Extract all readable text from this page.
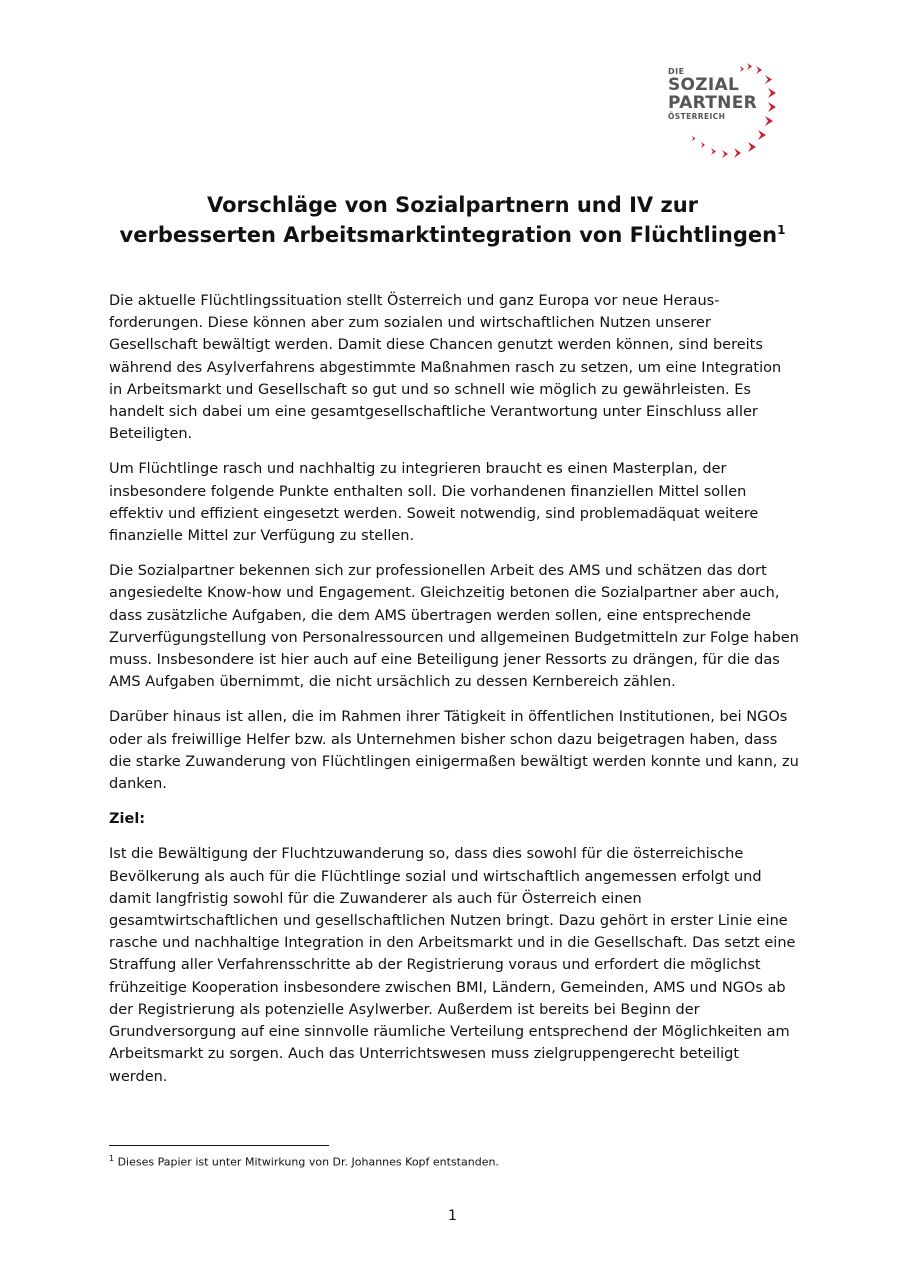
DIE
SOZIAL
PARTNER
ÖSTERREICH
Vorschläge von Sozialpartnern und IV zur
verbesserten Arbeitsmarktintegration von Flüchtlingen$^1$

Die aktuelle Flüchtlingssituation stellt Österreich und ganz Europa vor neue Heraus-forderungen. Diese können aber zum sozialen und wirtschaftlichen Nutzen unserer Gesellschaft bewältigt werden. Damit diese Chancen genutzt werden können, sind bereits während des Asylverfahrens abgestimmte Maßnahmen rasch zu setzen, um eine Integration in Arbeitsmarkt und Gesellschaft so gut und so schnell wie möglich zu gewährleisten. Es handelt sich dabei um eine gesamtgesellschaftliche Verantwortung unter Einschluss aller Beteiligten.

Um Flüchtlinge rasch und nachhaltig zu integrieren braucht es einen Masterplan, der insbesondere folgende Punkte enthalten soll. Die vorhandenen finanziellen Mittel sollen effektiv und effizient eingesetzt werden. Soweit notwendig, sind problemadäquat weitere finanzielle Mittel zur Verfügung zu stellen.

Die Sozialpartner bekennen sich zur professionellen Arbeit des AMS und schätzen das dort angesiedelte Know-how und Engagement. Gleichzeitig betonen die Sozialpartner aber auch, dass zusätzliche Aufgaben, die dem AMS übertragen werden sollen, eine entsprechende Zurverfügungstellung von Personalressourcen und allgemeinen Budgetmitteln zur Folge haben muss. Insbesondere ist hier auch auf eine Beteiligung jener Ressorts zu drängen, für die das AMS Aufgaben übernimmt, die nicht ursächlich zu dessen Kernbereich zählen.

Darüber hinaus ist allen, die im Rahmen ihrer Tätigkeit in öffentlichen Institutionen, bei NGOs oder als freiwillige Helfer bzw. als Unternehmen bisher schon dazu beigetragen haben, dass die starke Zuwanderung von Flüchtlingen einigermaßen bewältigt werden konnte und kann, zu danken.

Ziel:

Ist die Bewältigung der Fluchtzuwanderung so, dass dies sowohl für die österreichische Bevölkerung als auch für die Flüchtlinge sozial und wirtschaftlich angemessen erfolgt und damit langfristig sowohl für die Zuwanderer als auch für Österreich einen gesamtwirtschaftlichen und gesellschaftlichen Nutzen bringt. Dazu gehört in erster Linie eine rasche und nachhaltige Integration in den Arbeitsmarkt und in die Gesellschaft. Das setzt eine Straffung aller Verfahrensschritte ab der Registrierung voraus und erfordert die möglichst frühzeitige Kooperation insbesondere zwischen BMI, Ländern, Gemeinden, AMS und NGOs ab der Registrierung als potenzielle Asylwerber. Außerdem ist bereits bei Beginn der Grundversorgung auf eine sinnvolle räumliche Verteilung entsprechend der Möglichkeiten am Arbeitsmarkt zu sorgen. Auch das Unterrichtswesen muss zielgruppengerecht beteiligt werden.

$^1$ Dieses Papier ist unter Mitwirkung von Dr. Johannes Kopf entstanden.
1
